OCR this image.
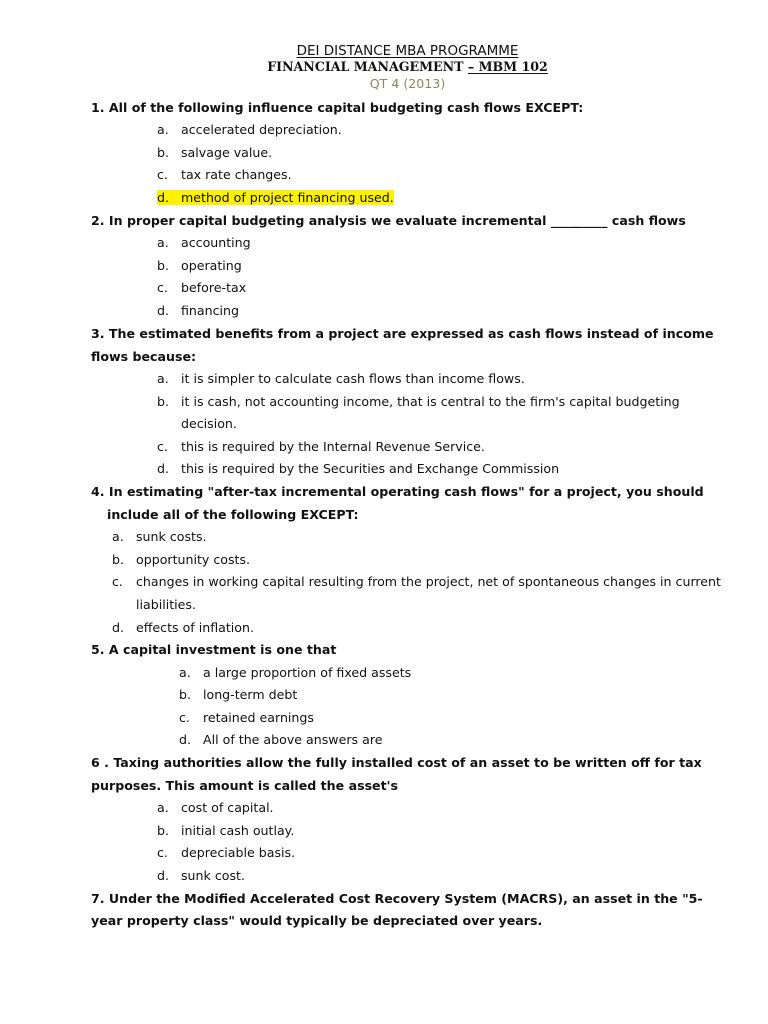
DEI DISTANCE MBA PROGRAMME
FINANCIAL MANAGEMENT – MBM 102
QT 4 (2013)
1. All of the following influence capital budgeting cash flows EXCEPT:
a. accelerated depreciation.
b. salvage value.
c. tax rate changes.
d. method of project financing used.
2. In proper capital budgeting analysis we evaluate incremental _________ cash flows
a. accounting
b. operating
c. before-tax
d. financing
3. The estimated benefits from a project are expressed as cash flows instead of income
flows because:
a. it is simpler to calculate cash flows than income flows.
b. it is cash, not accounting income, that is central to the firm's capital budgeting
decision.
c. this is required by the Internal Revenue Service.
d. this is required by the Securities and Exchange Commission
4. In estimating "after-tax incremental operating cash flows" for a project, you should
include all of the following EXCEPT:
a. sunk costs.
b. opportunity costs.
c. changes in working capital resulting from the project, net of spontaneous changes in current
liabilities.
d. effects of inflation.
5. A capital investment is one that
a. a large proportion of fixed assets
b. long-term debt
c. retained earnings
d. All of the above answers are
6 . Taxing authorities allow the fully installed cost of an asset to be written off for tax
purposes. This amount is called the asset's
a. cost of capital.
b. initial cash outlay.
c. depreciable basis.
d. sunk cost.
7. Under the Modified Accelerated Cost Recovery System (MACRS), an asset in the "5-
year property class" would typically be depreciated over years.
